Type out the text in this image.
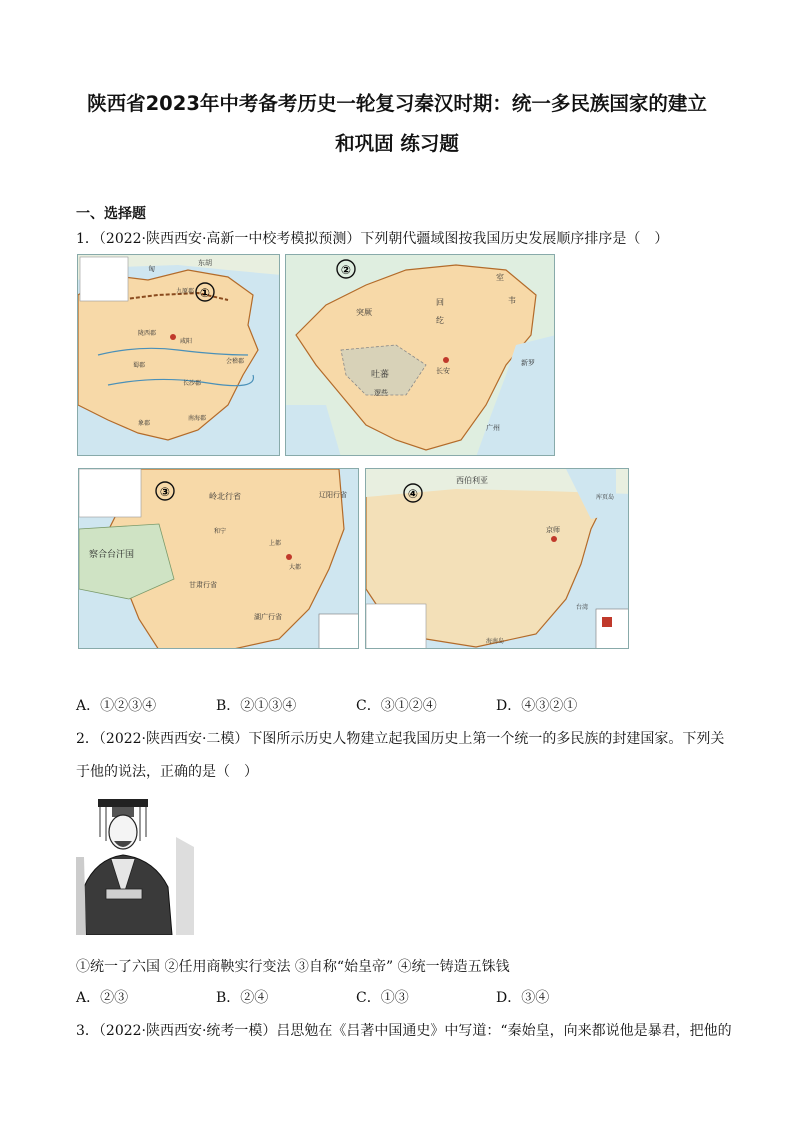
陕西省2023年中考备考历史一轮复习秦汉时期：统一多民族国家的建立
和巩固 练习题
一、选择题
1．（2022·陕西西安·高新一中校考模拟预测）下列朝代疆域图按我国历史发展顺序排序是（　）
①
匈
东胡
九原郡
咸阳
陇西郡
蜀郡
会稽郡
长沙郡
南海郡
象郡
②
长安
室
韦
回
纥
突厥
吐蕃
逻些
广州
新罗
③	岭北行省
察合台汗国
和宁
上都
大都
甘肃行省
湖广行省
辽阳行省	④
西伯利亚
库页岛
京师
台湾
海南岛
A．①②③④	B．②①③④	C．③①②④	D．④③②①
2．（2022·陕西西安·二模）下图所示历史人物建立起我国历史上第一个统一的多民族的封建国家。下列关
于他的说法，正确的是（　）
①统一了六国 ②任用商鞅实行变法 ③自称“始皇帝” ④统一铸造五铢钱
A．②③	B．②④	C．①③	D．③④
3．（2022·陕西西安·统考一模）吕思勉在《吕著中国通史》中写道：“秦始皇，向来都说他是暴君，把他的
